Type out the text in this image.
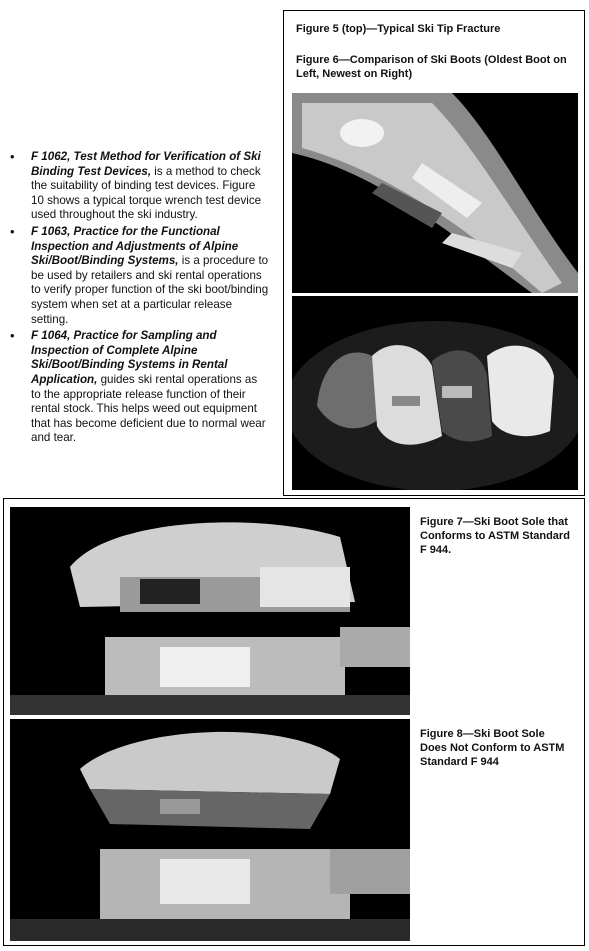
• F 1062, Test Method for Verification of Ski Binding Test Devices, is a method to check the suitability of binding test devices. Figure 10 shows a typical torque wrench test device used throughout the ski industry.
• F 1063, Practice for the Functional Inspection and Adjustments of Alpine Ski/Boot/Binding Systems, is a procedure to be used by retailers and ski rental operations to verify proper function of the ski boot/binding system when set at a particular release setting.
• F 1064, Practice for Sampling and Inspection of Complete Alpine Ski/Boot/Binding Systems in Rental Application, guides ski rental operations as to the appropriate release function of their rental stock. This helps weed out equipment that has become deficient due to normal wear and tear.
Figure 5 (top)—Typical Ski Tip Fracture
Figure 6—Comparison of Ski Boots (Oldest Boot on Left, Newest on Right)
Figure 7—Ski Boot Sole that Conforms to ASTM Standard F 944.
Figure 8—Ski Boot Sole Does Not Conform to ASTM Standard F 944
